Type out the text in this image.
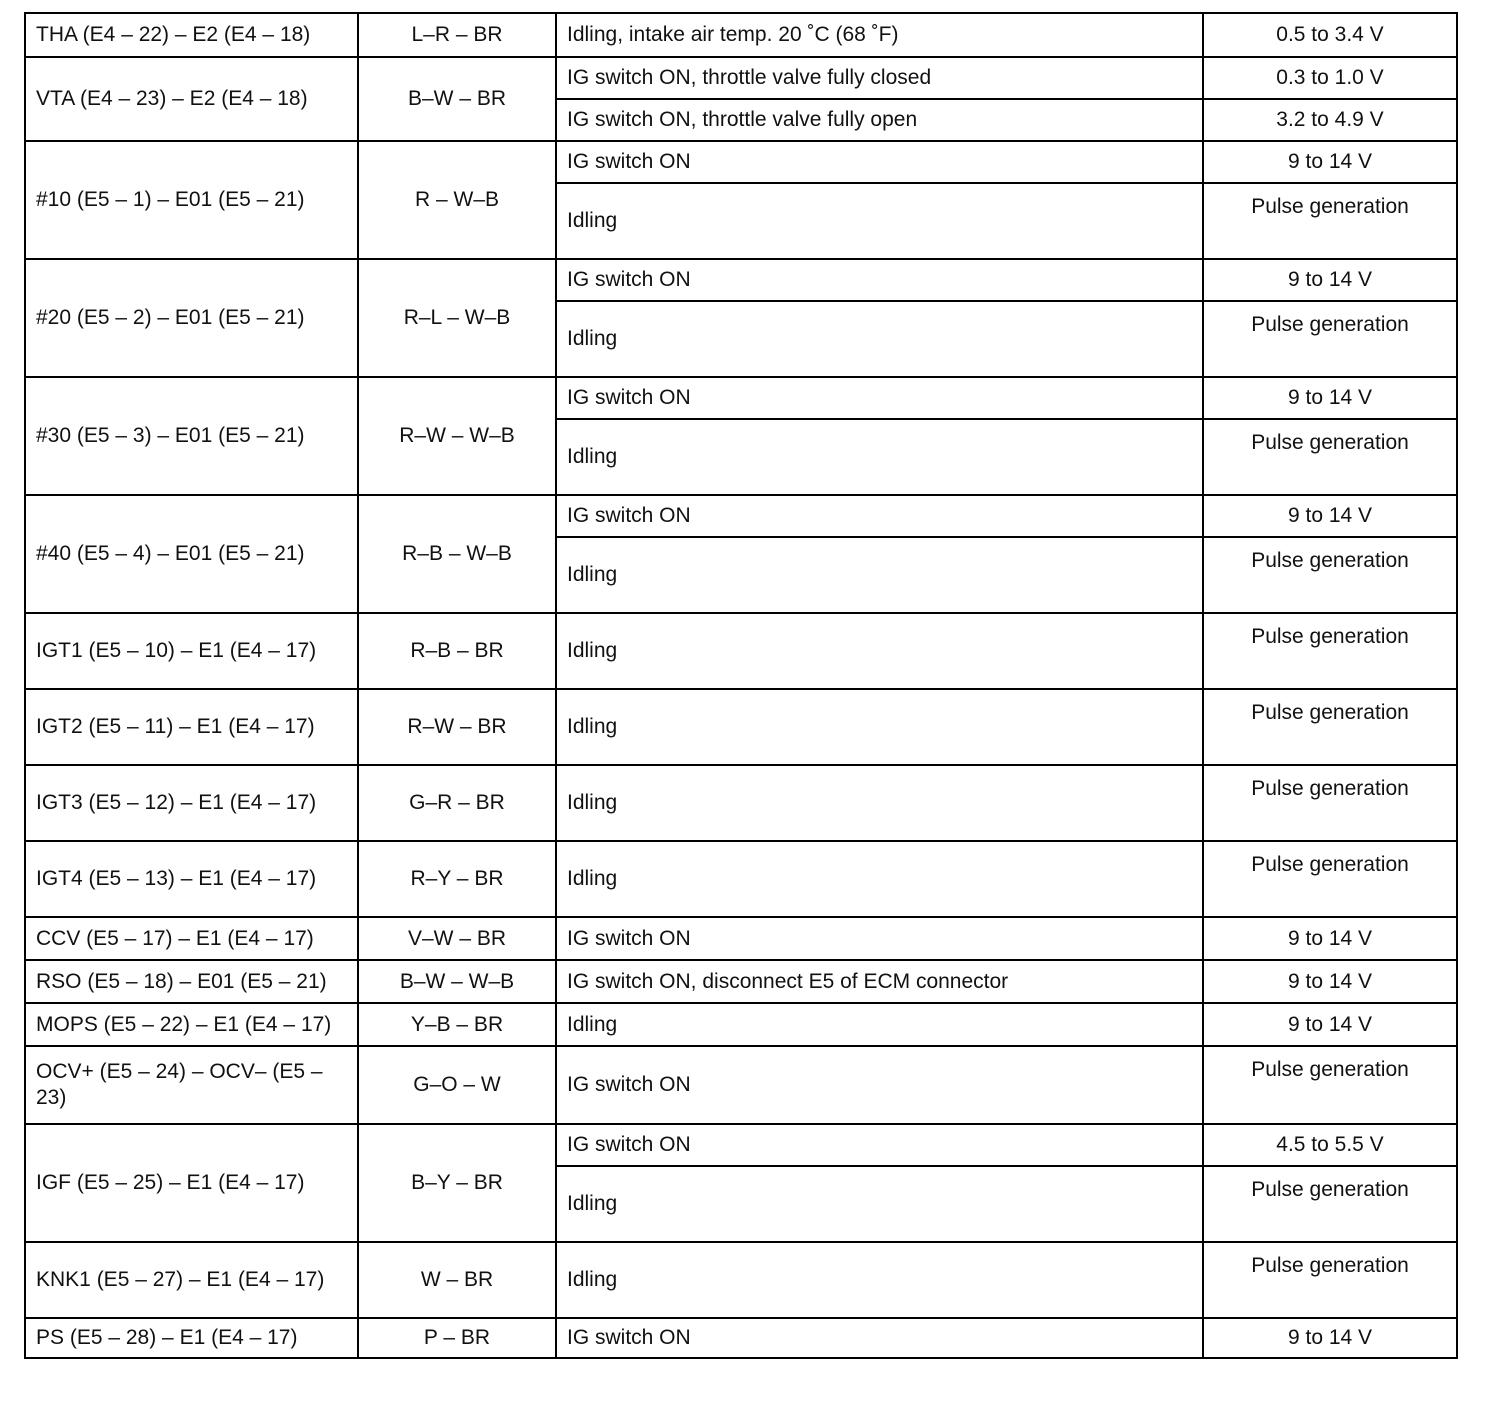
THA (E4 – 22) – E2 (E4 – 18)	L–R – BR	Idling, intake air temp. 20 ˚C (68 ˚F)	0.5 to 3.4 V
VTA (E4 – 23) – E2 (E4 – 18)	B–W – BR	IG switch ON, throttle valve fully closed	0.3 to 1.0 V
		IG switch ON, throttle valve fully open	3.2 to 4.9 V
#10 (E5 – 1) – E01 (E5 – 21)	R – W–B	IG switch ON	9 to 14 V
		Idling	Pulse generation
#20 (E5 – 2) – E01 (E5 – 21)	R–L – W–B	IG switch ON	9 to 14 V
		Idling	Pulse generation
#30 (E5 – 3) – E01 (E5 – 21)	R–W – W–B	IG switch ON	9 to 14 V
		Idling	Pulse generation
#40 (E5 – 4) – E01 (E5 – 21)	R–B – W–B	IG switch ON	9 to 14 V
		Idling	Pulse generation
IGT1 (E5 – 10) – E1 (E4 – 17)	R–B – BR	Idling	Pulse generation
IGT2 (E5 – 11) – E1 (E4 – 17)	R–W – BR	Idling	Pulse generation
IGT3 (E5 – 12) – E1 (E4 – 17)	G–R – BR	Idling	Pulse generation
IGT4 (E5 – 13) – E1 (E4 – 17)	R–Y – BR	Idling	Pulse generation
CCV (E5 – 17) – E1 (E4 – 17)	V–W – BR	IG switch ON	9 to 14 V
RSO (E5 – 18) – E01 (E5 – 21)	B–W – W–B	IG switch ON, disconnect E5 of ECM connector	9 to 14 V
MOPS (E5 – 22) – E1 (E4 – 17)	Y–B – BR	Idling	9 to 14 V
OCV+ (E5 – 24) – OCV– (E5 – 23)	G–O – W	IG switch ON	Pulse generation
IGF (E5 – 25) – E1 (E4 – 17)	B–Y – BR	IG switch ON	4.5 to 5.5 V
		Idling	Pulse generation
KNK1 (E5 – 27) – E1 (E4 – 17)	W – BR	Idling	Pulse generation
PS (E5 – 28) – E1 (E4 – 17)	P – BR	IG switch ON	9 to 14 V
